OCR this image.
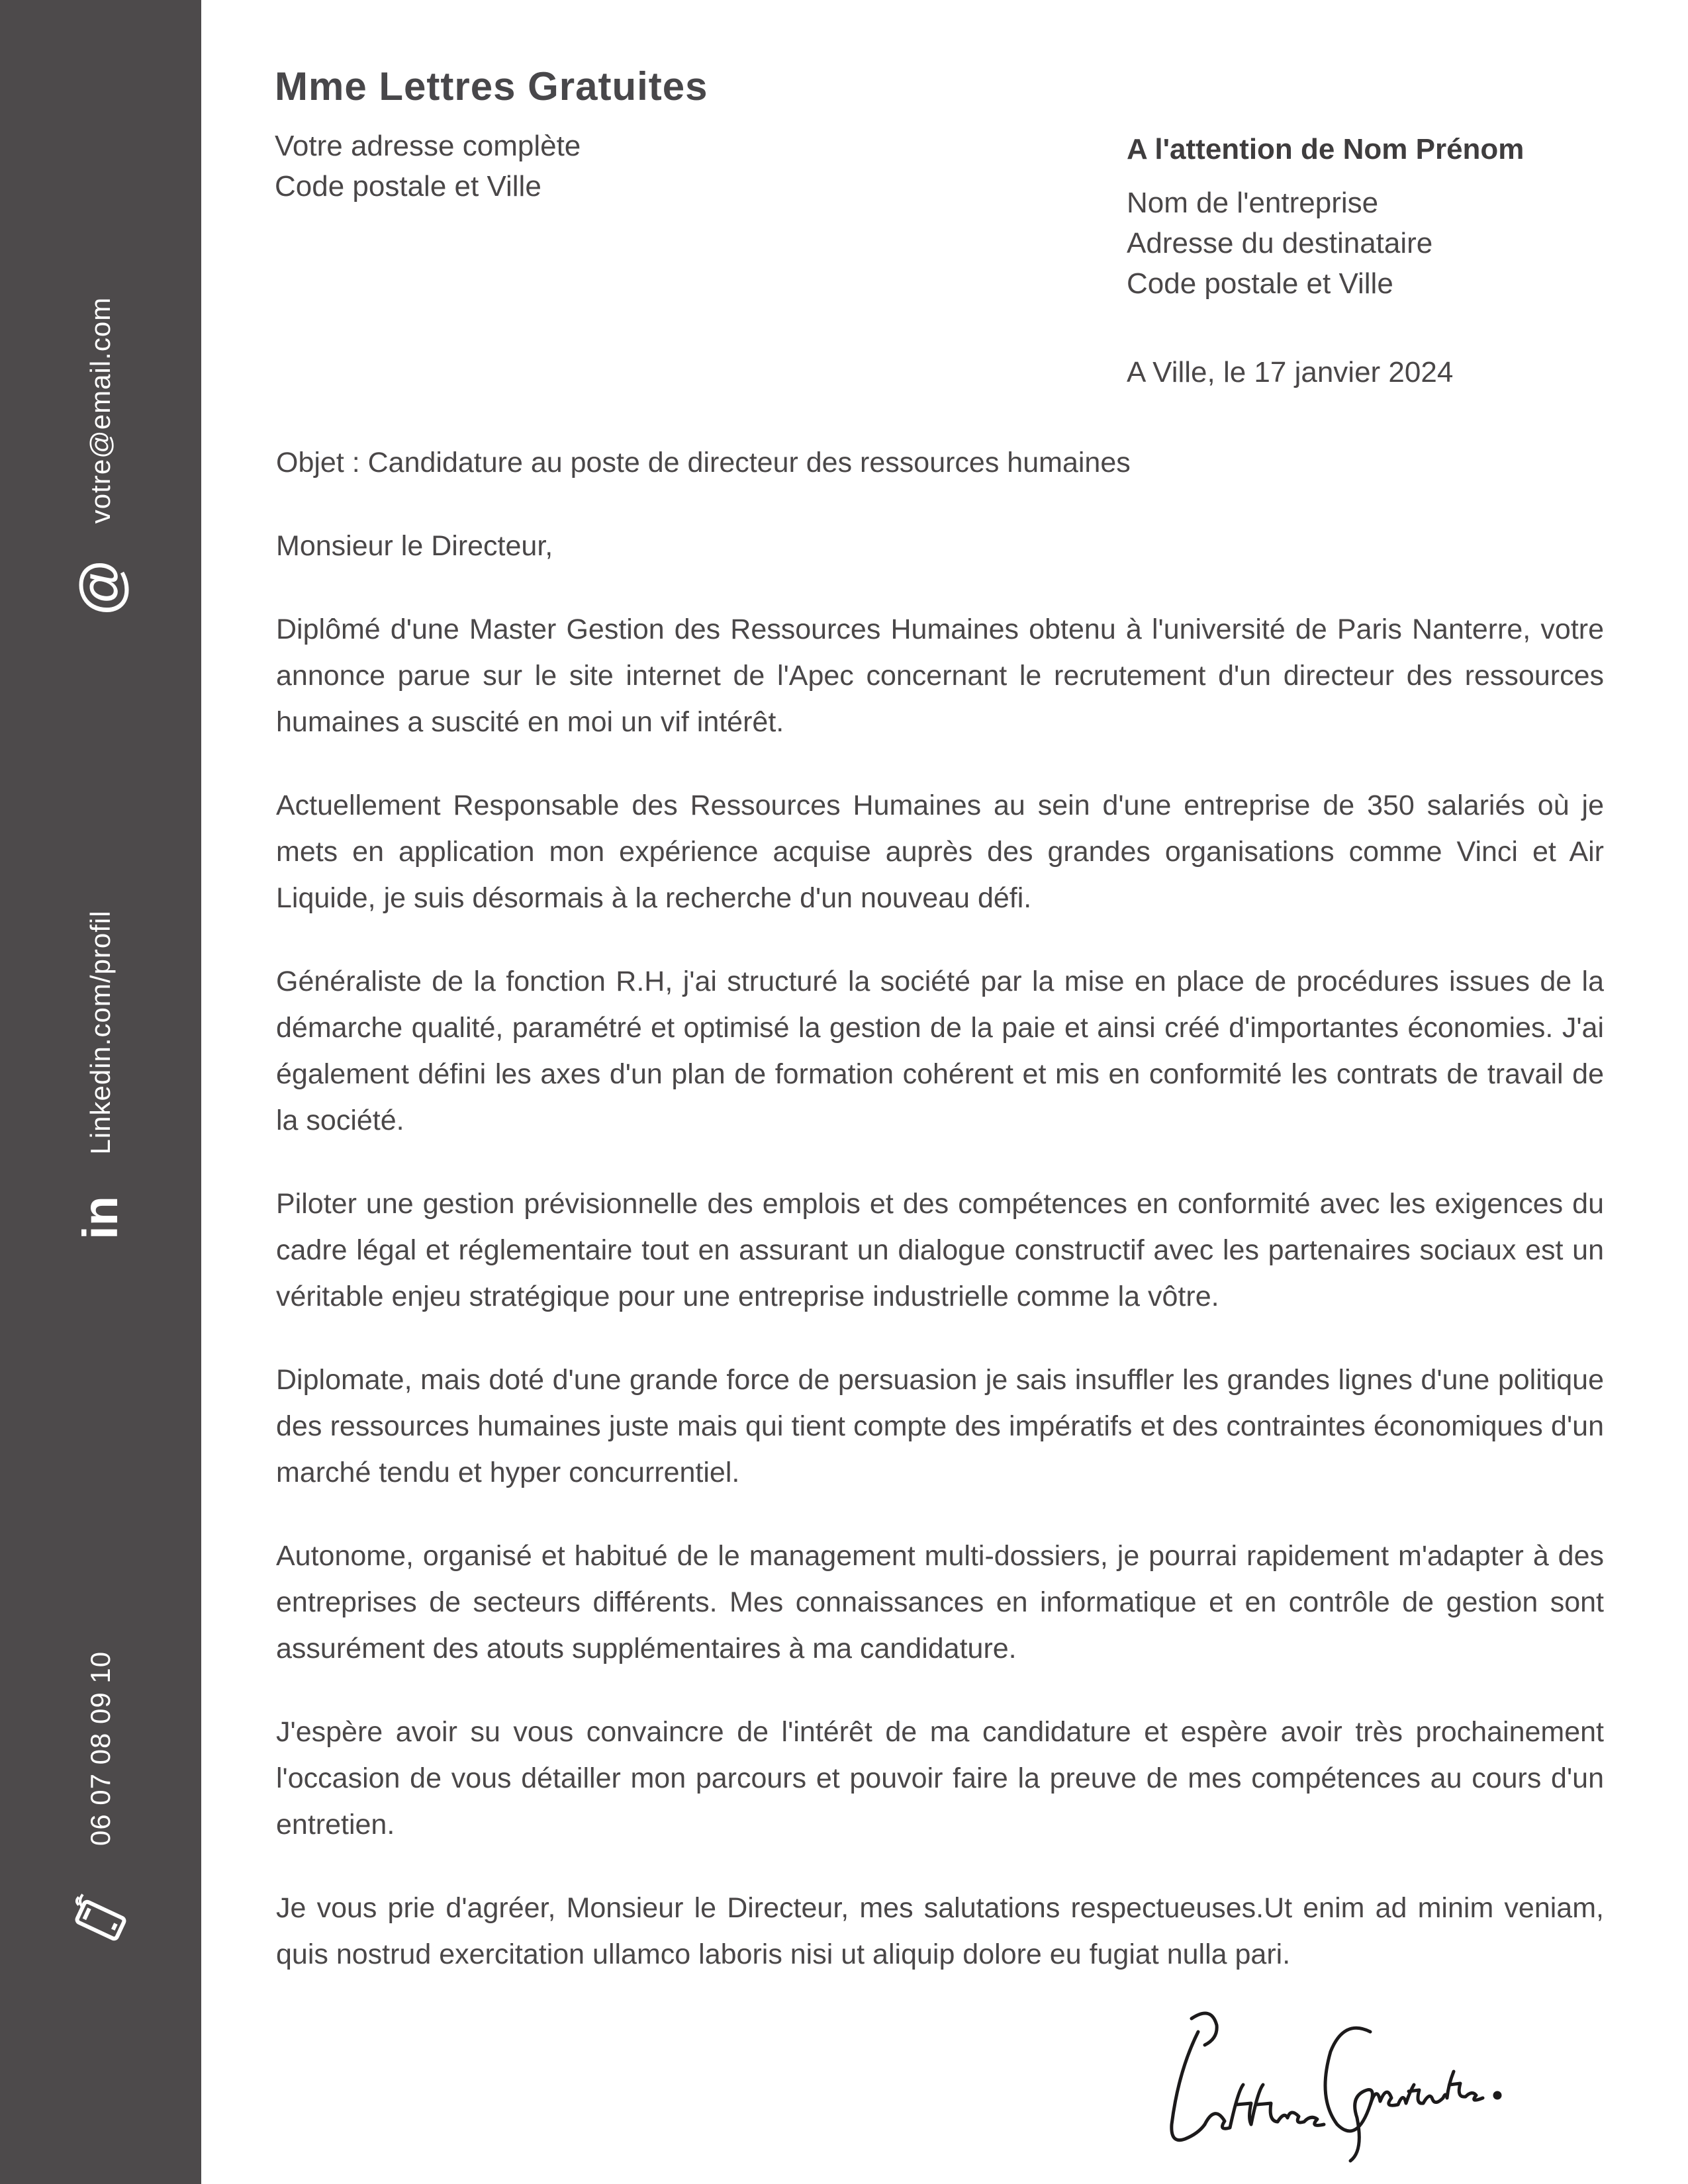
votre@email.com
@
Linkedin.com/profil
in
06 07 08 09 10
Mme Lettres Gratuites
Votre adresse complète
Code postale et Ville
A l'attention de Nom Prénom
Nom de l'entreprise
Adresse du destinataire
Code postale et Ville
A Ville, le 17 janvier 2024

Objet : Candidature au poste de directeur des ressources humaines

Monsieur le Directeur,

Diplômé d'une Master Gestion des Ressources Humaines obtenu à l'université de Paris Nanterre, votre annonce parue sur le site internet de l'Apec concernant le recrutement d'un directeur des ressources humaines a suscité en moi un vif intérêt.

Actuellement Responsable des Ressources Humaines au sein d'une entreprise de 350 salariés où je mets en application mon expérience acquise auprès des grandes organisations comme Vinci et Air Liquide, je suis désormais à la recherche d'un nouveau défi.

Généraliste de la fonction R.H, j'ai structuré la société par la mise en place de procédures issues de la démarche qualité, paramétré et optimisé la gestion de la paie et ainsi créé d'importantes économies. J'ai également défini les axes d'un plan de formation cohérent et mis en conformité les contrats de travail de la société.

Piloter une gestion prévisionnelle des emplois et des compétences en conformité avec les exigences du cadre légal et réglementaire tout en assurant un dialogue constructif avec les partenaires sociaux est un véritable enjeu stratégique pour une entreprise industrielle comme la vôtre.

Diplomate, mais doté d'une grande force de persuasion je sais insuffler les grandes lignes d'une politique des ressources humaines juste mais qui tient compte des impératifs et des contraintes économiques d'un marché tendu et hyper concurrentiel.

Autonome, organisé et habitué de le management multi-dossiers, je pourrai rapidement m'adapter à des entreprises de secteurs différents. Mes connaissances en informatique et en contrôle de gestion sont assurément des atouts supplémentaires à ma candidature.

J'espère avoir su vous convaincre de l'intérêt de ma candidature et espère avoir très prochainement l'occasion de vous détailler mon parcours et pouvoir faire la preuve de mes compétences au cours d'un entretien.

Je vous prie d'agréer, Monsieur le Directeur, mes salutations respectueuses.Ut enim ad minim veniam, quis nostrud exercitation ullamco laboris nisi ut aliquip dolore eu fugiat nulla pari.
